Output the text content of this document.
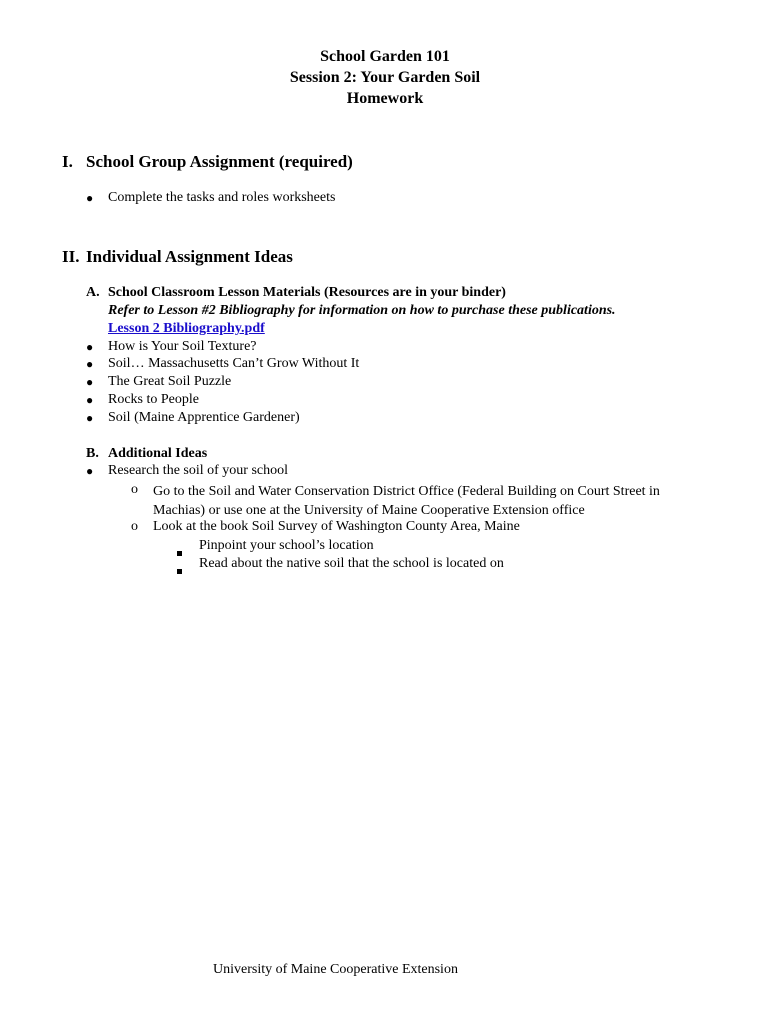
School Garden 101
Session 2: Your Garden Soil
Homework
I. School Group Assignment (required)
● Complete the tasks and roles worksheets
II. Individual Assignment Ideas
A. School Classroom Lesson Materials (Resources are in your binder)
Refer to Lesson #2 Bibliography for information on how to purchase these publications.
Lesson 2 Bibliography.pdf
● How is Your Soil Texture?
● Soil… Massachusetts Can’t Grow Without It
● The Great Soil Puzzle
● Rocks to People
● Soil (Maine Apprentice Gardener)
B. Additional Ideas
● Research the soil of your school
o Go to the Soil and Water Conservation District Office (Federal Building on Court Street in Machias) or use one at the University of Maine Cooperative Extension office
o Look at the book Soil Survey of Washington County Area, Maine
Pinpoint your school’s location
Read about the native soil that the school is located on
University of Maine Cooperative Extension
